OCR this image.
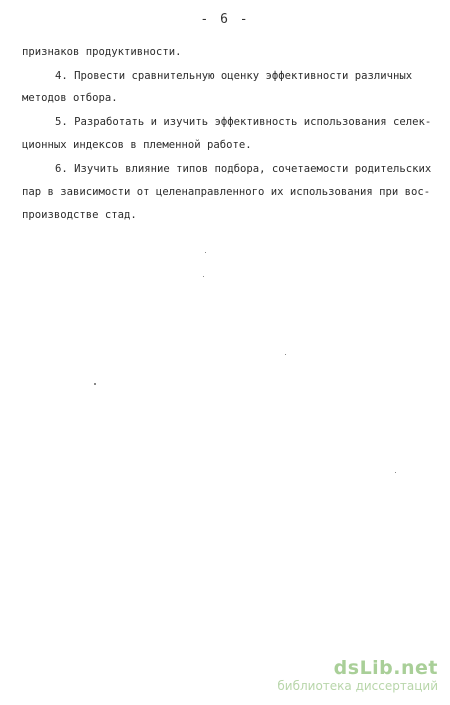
- 6 -
признаков продуктивности.
4. Провести сравнительную оценку эффективности различных
методов отбора.
5. Разработать и изучить эффективность использования селек-
ционных индексов в племенной работе.
6. Изучить влияние типов подбора, сочетаемости родительских
пар в зависимости от целенаправленного их использования при вос-
производстве стад.
dsLib.net
библиотека диссертаций
